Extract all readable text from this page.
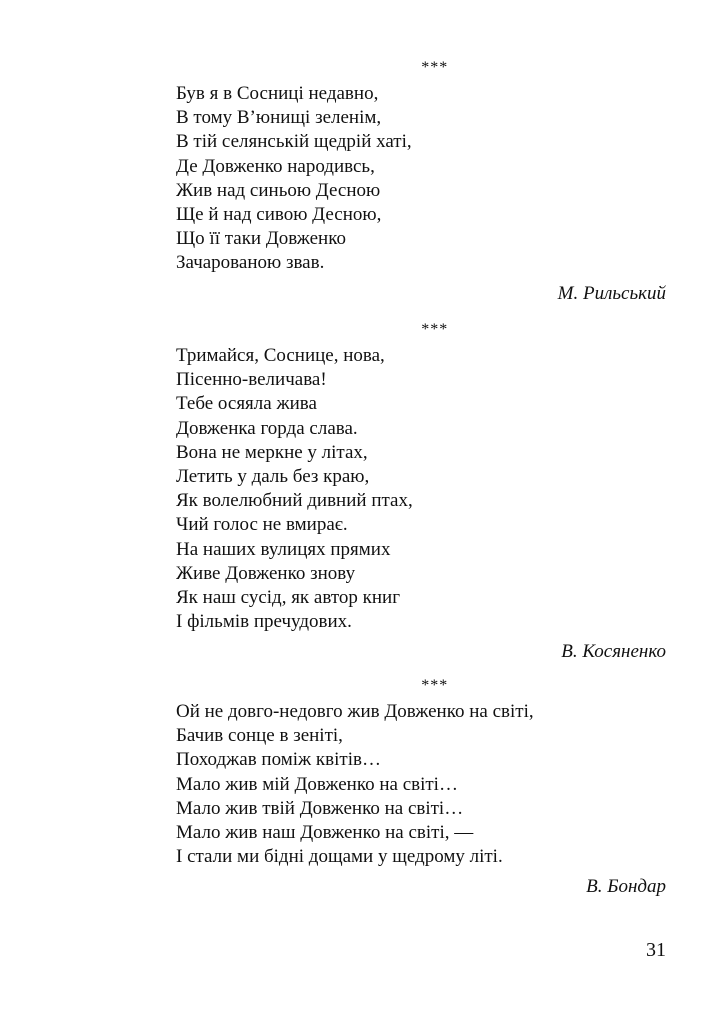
***
Був я в Сосниці недавно,
В тому В’юнищі зеленім,
В тій селянській щедрій хаті,
Де Довженко народивсь,
Жив над синьою Десною
Ще й над сивою Десною,
Що її таки Довженко
Зачарованою звав.
М. Рильський
***
Тримайся, Соснице, нова,
Пісенно-величава!
Тебе осяяла жива
Довженка горда слава.
Вона не меркне у літах,
Летить у даль без краю,
Як волелюбний дивний птах,
Чий голос не вмирає.
На наших вулицях прямих
Живе Довженко знову
Як наш сусід, як автор книг
І фільмів пречудових.
В. Косяненко
***
Ой не довго-недовго жив Довженко на світі,
Бачив сонце в зеніті,
Походжав поміж квітів…
Мало жив мій Довженко на світі…
Мало жив твій Довженко на світі…
Мало жив наш Довженко на світі, —
І стали ми бідні дощами у щедрому літі.
В. Бондар
31
